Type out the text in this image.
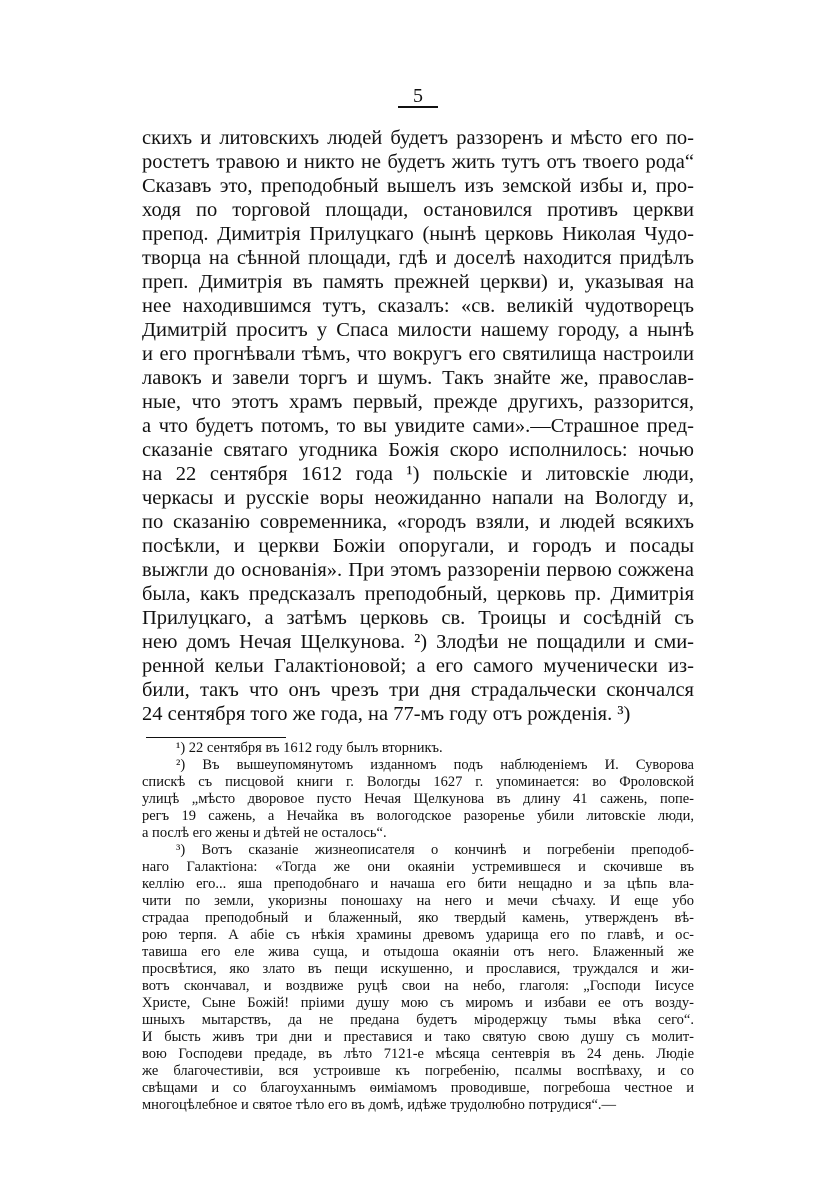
5
скихъ и литовскихъ людей будетъ раззоренъ и мѣсто его по-
ростетъ травою и никто не будетъ жить тутъ отъ твоего рода“
Сказавъ это, преподобный вышелъ изъ земской избы и, про-
ходя по торговой площади, остановился противъ церкви
препод. Димитрія Прилуцкаго (нынѣ церковь Николая Чудо-
творца на сѣнной площади, гдѣ и доселѣ находится придѣлъ
преп. Димитрія въ память прежней церкви) и, указывая на
нее находившимся тутъ, сказалъ: «св. великій чудотворецъ
Димитрій проситъ у Спаса милости нашему городу, а нынѣ
и его прогнѣвали тѣмъ, что вокругъ его святилища настроили
лавокъ и завели торгъ и шумъ. Такъ знайте же, православ-
ные, что этотъ храмъ первый, прежде другихъ, раззорится,
а что будетъ потомъ, то вы увидите сами».—Страшное пред-
сказаніе святаго угодника Божія скоро исполнилось: ночью
на 22 сентября 1612 года ¹) польскіе и литовскіе люди,
черкасы и русскіе воры неожиданно напали на Вологду и,
по сказанію современника, «городъ взяли, и людей всякихъ
посѣкли, и церкви Божіи опоругали, и городъ и посады
выжгли до основанія». При этомъ раззореніи первою сожжена
была, какъ предсказалъ преподобный, церковь пр. Димитрія
Прилуцкаго, а затѣмъ церковь св. Троицы и сосѣдній съ
нею домъ Нечая Щелкунова. ²) Злодѣи не пощадили и сми-
ренной кельи Галактіоновой; а его самого мученически из-
били, такъ что онъ чрезъ три дня страдальчески скончался
24 сентября того же года, на 77-мъ году отъ рожденія. ³)
¹) 22 сентября въ 1612 году былъ вторникъ.
²) Въ вышеупомянутомъ изданномъ подъ наблюденіемъ И. Суворова
спискѣ съ писцовой книги г. Вологды 1627 г. упоминается: во Фроловской
улицѣ „мѣсто дворовое пусто Нечая Щелкунова въ длину 41 сажень, попе-
регъ 19 сажень, а Нечайка въ вологодское разоренье убили литовскіе люди,
а послѣ его жены и дѣтей не осталось“.
³) Вотъ сказаніе жизнеописателя о кончинѣ и погребеніи преподоб-
наго Галактіона: «Тогда же они окаяніи устремившеся и скочивше въ
келлію его... яша преподобнаго и начаша его бити нещадно и за цѣпь вла-
чити по земли, укоризны поношаху на него и мечи сѣчаху. И еще убо
страдаа преподобный и блаженный, яко твердый камень, утвержденъ вѣ-
рою терпя. А абіе съ нѣкія храмины древомъ ударища его по главѣ, и ос-
тавиша его еле жива суща, и отыдоша окаяніи отъ него. Блаженный же
просвѣтися, яко злато въ пещи искушенно, и прославися, труждался и жи-
вотъ скончавал, и воздвиже руцѣ свои на небо, глаголя: „Господи Іисусе
Христе, Сыне Божій! пріими душу мою съ миромъ и избави ее отъ возду-
шныхъ мытарствъ, да не предана будетъ міродержцу тьмы вѣка сего“.
И бысть живъ три дни и преставися и тако святую свою душу съ молит-
вою Господеви предаде, въ лѣто 7121-е мѣсяца сентеврія въ 24 день. Людіе
же благочестивіи, вся устроивше къ погребенію, псалмы воспѣваху, и со
свѣщами и со благоуханнымъ ѳиміамомъ проводивше, погребоша честное и
многоцѣлебное и святое тѣло его въ домѣ, идѣже трудолюбно потрудися“.—
